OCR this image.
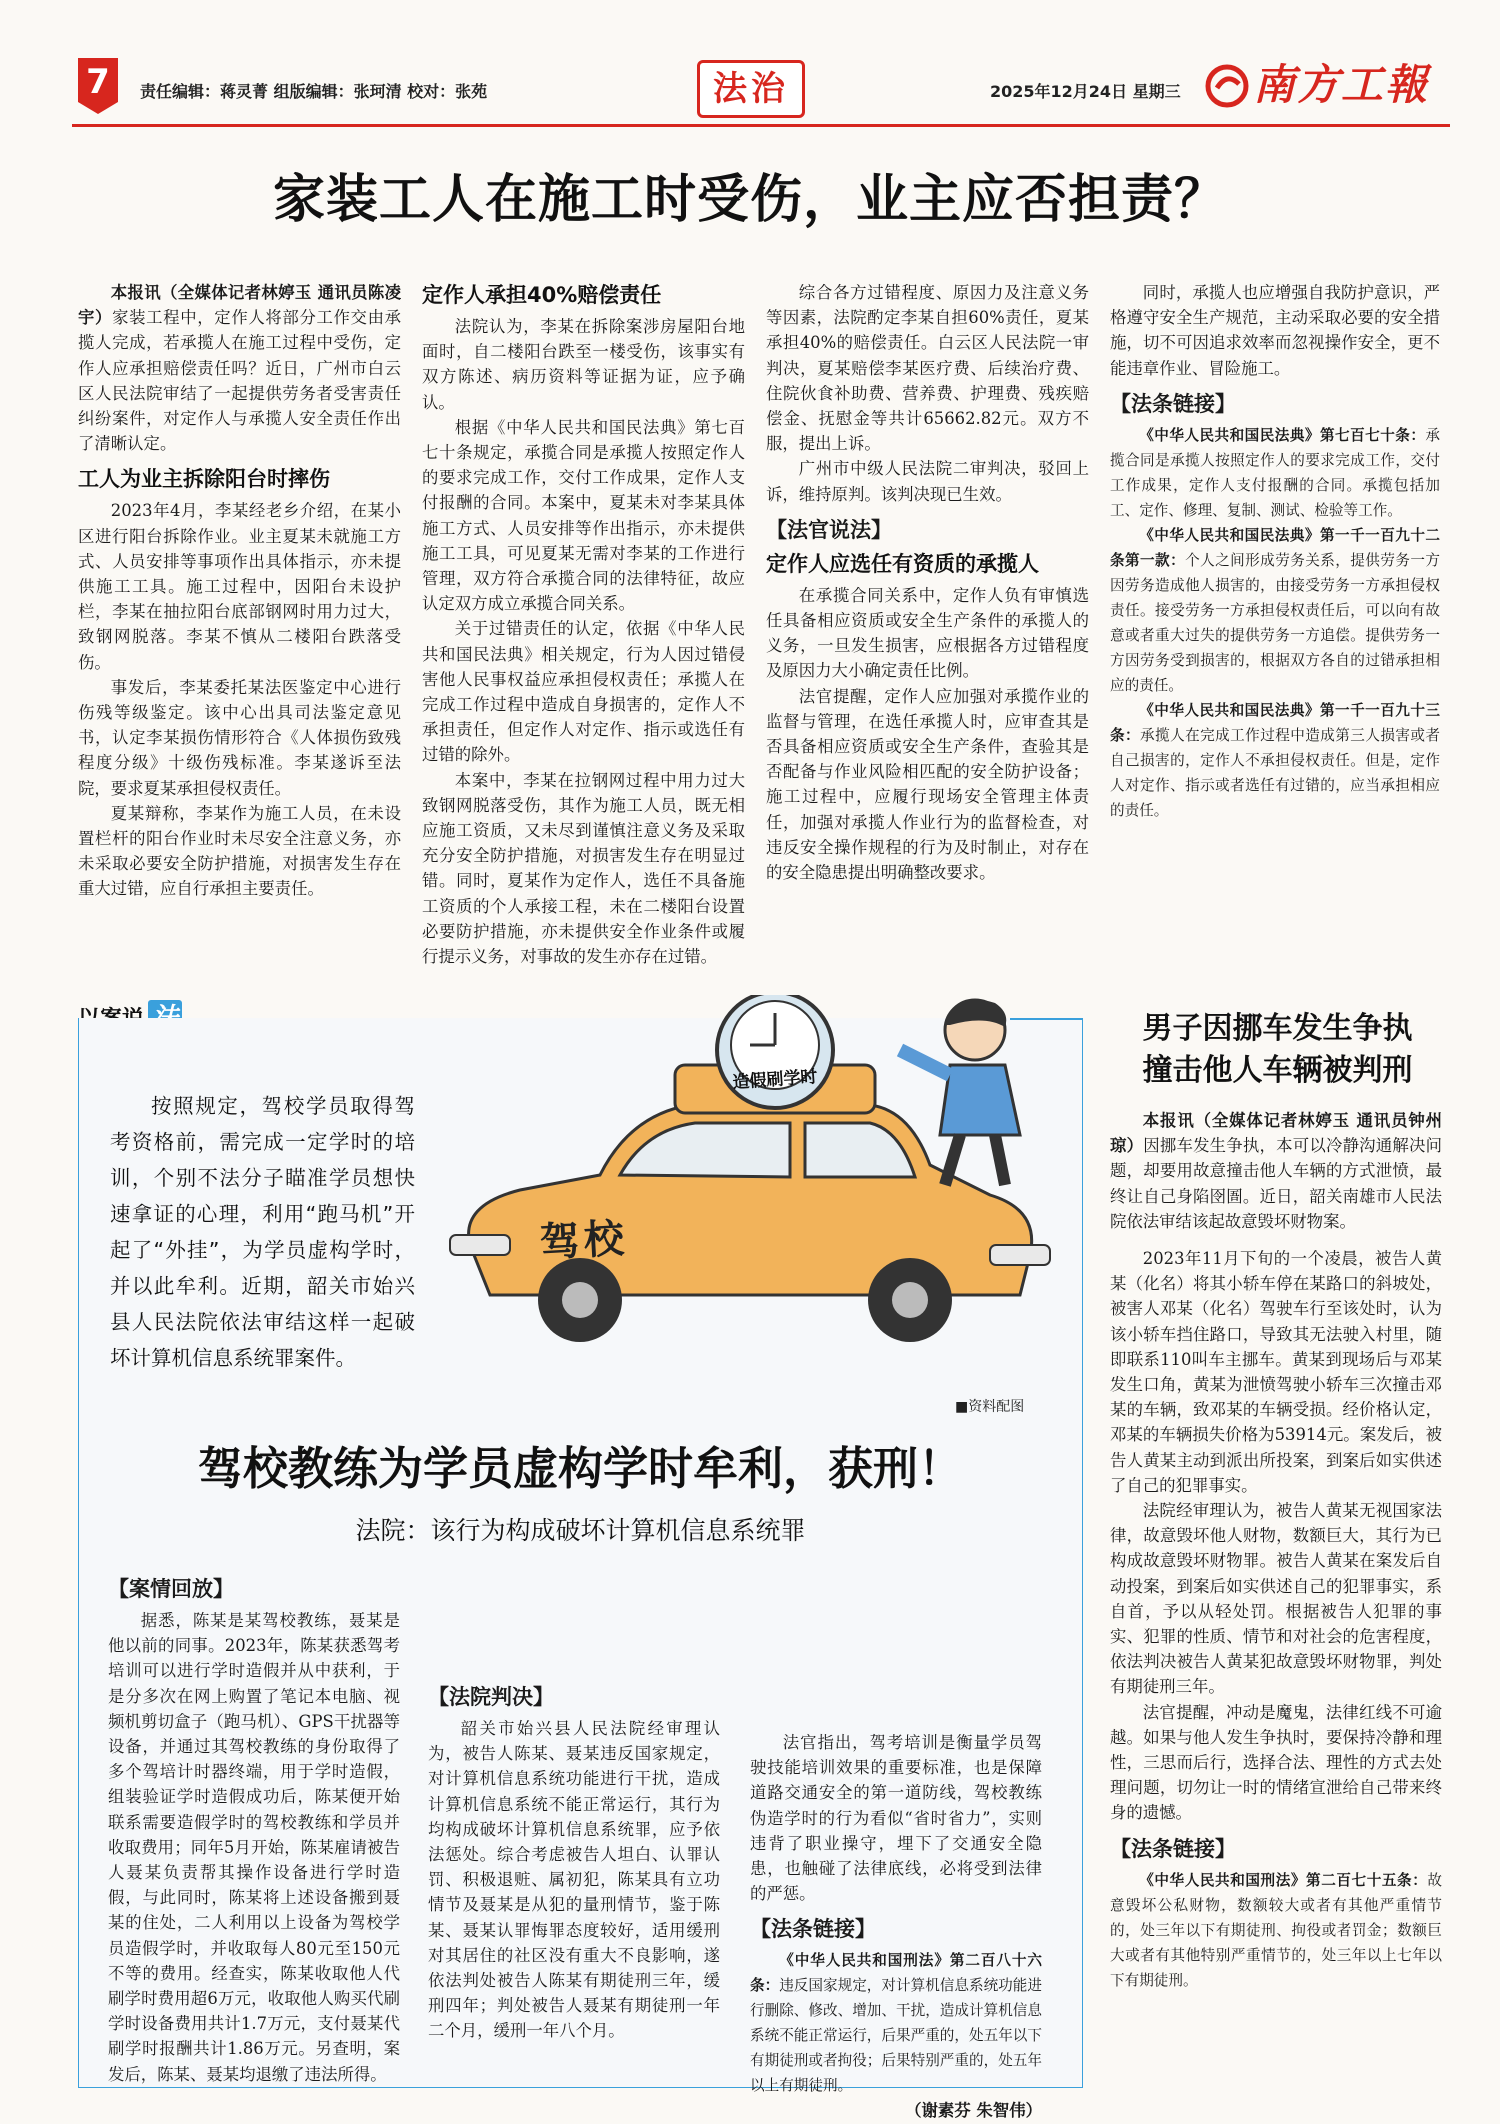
7	责任编辑：蒋灵菁 组版编辑：张珂清 校对：张苑	法治	2025年12月24日 星期三 南方工報
家装工人在施工时受伤，业主应否担责？

本报讯（全媒体记者林婷玉 通讯员陈凌宇）家装工程中，定作人将部分工作交由承揽人完成，若承揽人在施工过程中受伤，定作人应承担赔偿责任吗？近日，广州市白云区人民法院审结了一起提供劳务者受害责任纠纷案件，对定作人与承揽人安全责任作出了清晰认定。

工人为业主拆除阳台时摔伤

2023年4月，李某经老乡介绍，在某小区进行阳台拆除作业。业主夏某未就施工方式、人员安排等事项作出具体指示，亦未提供施工工具。施工过程中，因阳台未设护栏，李某在抽拉阳台底部钢网时用力过大，致钢网脱落。李某不慎从二楼阳台跌落受伤。

事发后，李某委托某法医鉴定中心进行伤残等级鉴定。该中心出具司法鉴定意见书，认定李某损伤情形符合《人体损伤致残程度分级》十级伤残标准。李某遂诉至法院，要求夏某承担侵权责任。

夏某辩称，李某作为施工人员，在未设置栏杆的阳台作业时未尽安全注意义务，亦未采取必要安全防护措施，对损害发生存在重大过错，应自行承担主要责任。

定作人承担40%赔偿责任

法院认为，李某在拆除案涉房屋阳台地面时，自二楼阳台跌至一楼受伤，该事实有双方陈述、病历资料等证据为证，应予确认。

根据《中华人民共和国民法典》第七百七十条规定，承揽合同是承揽人按照定作人的要求完成工作，交付工作成果，定作人支付报酬的合同。本案中，夏某未对李某具体施工方式、人员安排等作出指示，亦未提供施工工具，可见夏某无需对李某的工作进行管理，双方符合承揽合同的法律特征，故应认定双方成立承揽合同关系。

关于过错责任的认定，依据《中华人民共和国民法典》相关规定，行为人因过错侵害他人民事权益应承担侵权责任；承揽人在完成工作过程中造成自身损害的，定作人不承担责任，但定作人对定作、指示或选任有过错的除外。

本案中，李某在拉钢网过程中用力过大致钢网脱落受伤，其作为施工人员，既无相应施工资质，又未尽到谨慎注意义务及采取充分安全防护措施，对损害发生存在明显过错。同时，夏某作为定作人，选任不具备施工资质的个人承接工程，未在二楼阳台设置必要防护措施，亦未提供安全作业条件或履行提示义务，对事故的发生亦存在过错。

综合各方过错程度、原因力及注意义务等因素，法院酌定李某自担60%责任，夏某承担40%的赔偿责任。白云区人民法院一审判决，夏某赔偿李某医疗费、后续治疗费、住院伙食补助费、营养费、护理费、残疾赔偿金、抚慰金等共计65662.82元。双方不服，提出上诉。

广州市中级人民法院二审判决，驳回上诉，维持原判。该判决现已生效。

【法官说法】
定作人应选任有资质的承揽人

在承揽合同关系中，定作人负有审慎选任具备相应资质或安全生产条件的承揽人的义务，一旦发生损害，应根据各方过错程度及原因力大小确定责任比例。

法官提醒，定作人应加强对承揽作业的监督与管理，在选任承揽人时，应审查其是否具备相应资质或安全生产条件，查验其是否配备与作业风险相匹配的安全防护设备；施工过程中，应履行现场安全管理主体责任，加强对承揽人作业行为的监督检查，对违反安全操作规程的行为及时制止，对存在的安全隐患提出明确整改要求。

同时，承揽人也应增强自我防护意识，严格遵守安全生产规范，主动采取必要的安全措施，切不可因追求效率而忽视操作安全，更不能违章作业、冒险施工。

【法条链接】

《中华人民共和国民法典》第七百七十条：承揽合同是承揽人按照定作人的要求完成工作，交付工作成果，定作人支付报酬的合同。承揽包括加工、定作、修理、复制、测试、检验等工作。

《中华人民共和国民法典》第一千一百九十二条第一款：个人之间形成劳务关系，提供劳务一方因劳务造成他人损害的，由接受劳务一方承担侵权责任。接受劳务一方承担侵权责任后，可以向有故意或者重大过失的提供劳务一方追偿。提供劳务一方因劳务受到损害的，根据双方各自的过错承担相应的责任。

《中华人民共和国民法典》第一千一百九十三条：承揽人在完成工作过程中造成第三人损害或者自己损害的，定作人不承担侵权责任。但是，定作人对定作、指示或者选任有过错的，应当承担相应的责任。

按照规定，驾校学员取得驾考资格前，需完成一定学时的培训，个别不法分子瞄准学员想快速拿证的心理，利用“跑马机”开起了“外挂”，为学员虚构学时，并以此牟利。近期，韶关市始兴县人民法院依法审结这样一起破坏计算机信息系统罪案件。
造假刷学时
驾校
■资料配图
驾校教练为学员虚构学时牟利，获刑！
法院：该行为构成破坏计算机信息系统罪
【案情回放】

据悉，陈某是某驾校教练，聂某是他以前的同事。2023年，陈某获悉驾考培训可以进行学时造假并从中获利，于是分多次在网上购置了笔记本电脑、视频机剪切盒子（跑马机）、GPS干扰器等设备，并通过其驾校教练的身份取得了多个驾培计时器终端，用于学时造假，组装验证学时造假成功后，陈某便开始联系需要造假学时的驾校教练和学员并收取费用；同年5月开始，陈某雇请被告人聂某负责帮其操作设备进行学时造假，与此同时，陈某将上述设备搬到聂某的住处，二人利用以上设备为驾校学员造假学时，并收取每人80元至150元不等的费用。经查实，陈某收取他人代刷学时费用超6万元，收取他人购买代刷学时设备费用共计1.7万元，支付聂某代刷学时报酬共计1.86万元。另查明，案发后，陈某、聂某均退缴了违法所得。

【法院判决】

韶关市始兴县人民法院经审理认为，被告人陈某、聂某违反国家规定，对计算机信息系统功能进行干扰，造成计算机信息系统不能正常运行，其行为均构成破坏计算机信息系统罪，应予依法惩处。综合考虑被告人坦白、认罪认罚、积极退赃、属初犯，陈某具有立功情节及聂某是从犯的量刑情节，鉴于陈某、聂某认罪悔罪态度较好，适用缓刑对其居住的社区没有重大不良影响，遂依法判处被告人陈某有期徒刑三年，缓刑四年；判处被告人聂某有期徒刑一年二个月，缓刑一年八个月。

法官指出，驾考培训是衡量学员驾驶技能培训效果的重要标准，也是保障道路交通安全的第一道防线，驾校教练伪造学时的行为看似“省时省力”，实则违背了职业操守，埋下了交通安全隐患，也触碰了法律底线，必将受到法律的严惩。

【法条链接】

《中华人民共和国刑法》第二百八十六条：违反国家规定，对计算机信息系统功能进行删除、修改、增加、干扰，造成计算机信息系统不能正常运行，后果严重的，处五年以下有期徒刑或者拘役；后果特别严重的，处五年以上有期徒刑。

（谢素芬 朱智伟）
男子因挪车发生争执
撞击他人车辆被判刑

本报讯（全媒体记者林婷玉 通讯员钟州琼）因挪车发生争执，本可以冷静沟通解决问题，却要用故意撞击他人车辆的方式泄愤，最终让自己身陷囹圄。近日，韶关南雄市人民法院依法审结该起故意毁坏财物案。

2023年11月下旬的一个凌晨，被告人黄某（化名）将其小轿车停在某路口的斜坡处，被害人邓某（化名）驾驶车行至该处时，认为该小轿车挡住路口，导致其无法驶入村里，随即联系110叫车主挪车。黄某到现场后与邓某发生口角，黄某为泄愤驾驶小轿车三次撞击邓某的车辆，致邓某的车辆受损。经价格认定，邓某的车辆损失价格为53914元。案发后，被告人黄某主动到派出所投案，到案后如实供述了自己的犯罪事实。

法院经审理认为，被告人黄某无视国家法律，故意毁坏他人财物，数额巨大，其行为已构成故意毁坏财物罪。被告人黄某在案发后自动投案，到案后如实供述自己的犯罪事实，系自首，予以从轻处罚。根据被告人犯罪的事实、犯罪的性质、情节和对社会的危害程度，依法判决被告人黄某犯故意毁坏财物罪，判处有期徒刑三年。

法官提醒，冲动是魔鬼，法律红线不可逾越。如果与他人发生争执时，要保持冷静和理性，三思而后行，选择合法、理性的方式去处理问题，切勿让一时的情绪宣泄给自己带来终身的遗憾。

【法条链接】

《中华人民共和国刑法》第二百七十五条：故意毁坏公私财物，数额较大或者有其他严重情节的，处三年以下有期徒刑、拘役或者罚金；数额巨大或者有其他特别严重情节的，处三年以上七年以下有期徒刑。
